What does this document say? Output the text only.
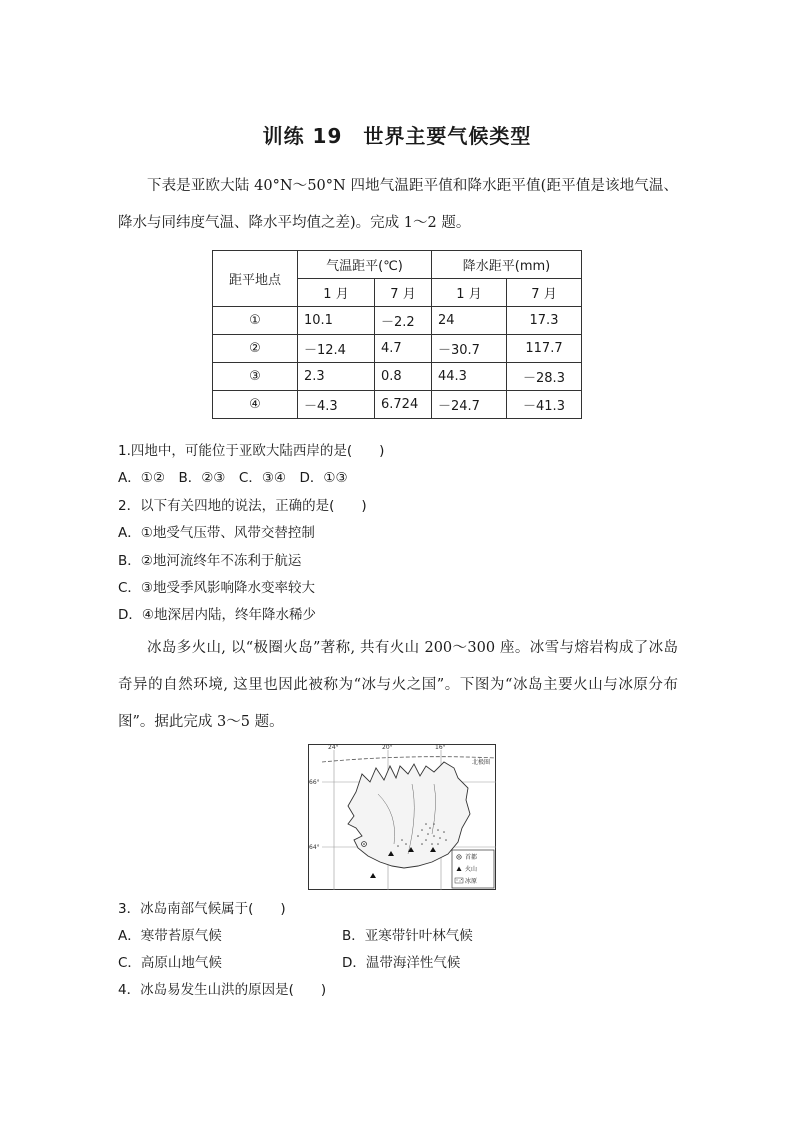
训练 19　世界主要气候类型
下表是亚欧大陆 40°N～50°N 四地气温距平值和降水距平值(距平值是该地气温、降水与同纬度气温、降水平均值之差)。完成 1～2 题。
距平地点	气温距平(℃)		降水距平(mm)	
	1 月	7 月	1 月	7 月
①	10.1	－2.2	24	17.3
②	－12.4	4.7	－30.7	117.7
③	2.3	0.8	44.3	－28.3
④	－4.3	6.724	－24.7	－41.3
1.四地中，可能位于亚欧大陆西岸的是(　　)
A．①②　B．②③　C．③④　D．①③
2．以下有关四地的说法，正确的是(　　)
A．①地受气压带、风带交替控制
B．②地河流终年不冻利于航运
C．③地受季风影响降水变率较大
D．④地深居内陆，终年降水稀少
冰岛多火山, 以“极圈火岛”著称, 共有火山 200～300 座。冰雪与熔岩构成了冰岛奇异的自然环境, 这里也因此被称为“冰与火之国”。下图为“冰岛主要火山与冰原分布图”。据此完成 3～5 题。
24°	20°	16°
66°
64°
北极圈
首都
火山
冰原
3．冰岛南部气候属于(　　)
A．寒带苔原气候	B．亚寒带针叶林气候
C．高原山地气候	D．温带海洋性气候
4．冰岛易发生山洪的原因是(　　)
